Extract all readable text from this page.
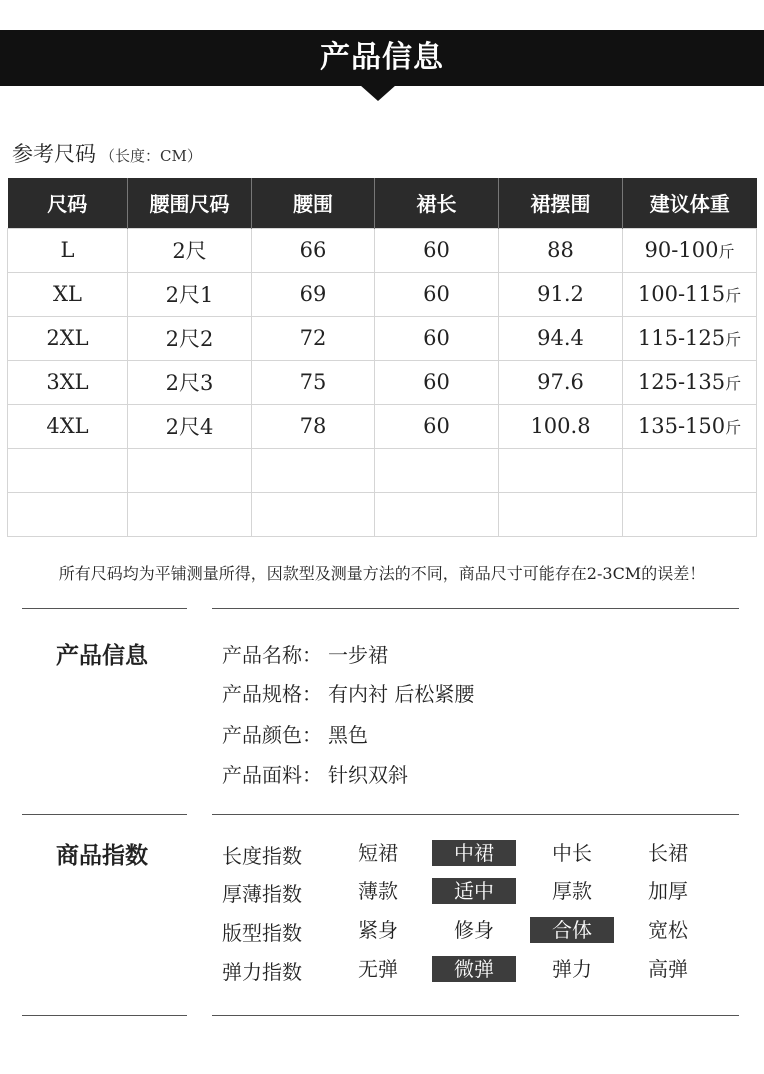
产品信息
参考尺码 （长度：CM）
尺码	腰围尺码	腰围	裙长	裙摆围	建议体重
L	2尺	66	60	88	90-100斤
XL	2尺1	69	60	91.2	100-115斤
2XL	2尺2	72	60	94.4	115-125斤
3XL	2尺3	75	60	97.6	125-135斤
4XL	2尺4	78	60	100.8	135-150斤

所有尺码均为平铺测量所得，因款型及测量方法的不同，商品尺寸可能存在2-3CM的误差！
产品信息	产品名称： 一步裙
产品规格： 有内衬 后松紧腰
产品颜色： 黑色
产品面料： 针织双斜
商品指数	长度指数	短裙	中裙	中长	长裙
厚薄指数	薄款	适中	厚款	加厚
版型指数	紧身	修身	合体	宽松
弹力指数	无弹	微弹	弹力	高弹
